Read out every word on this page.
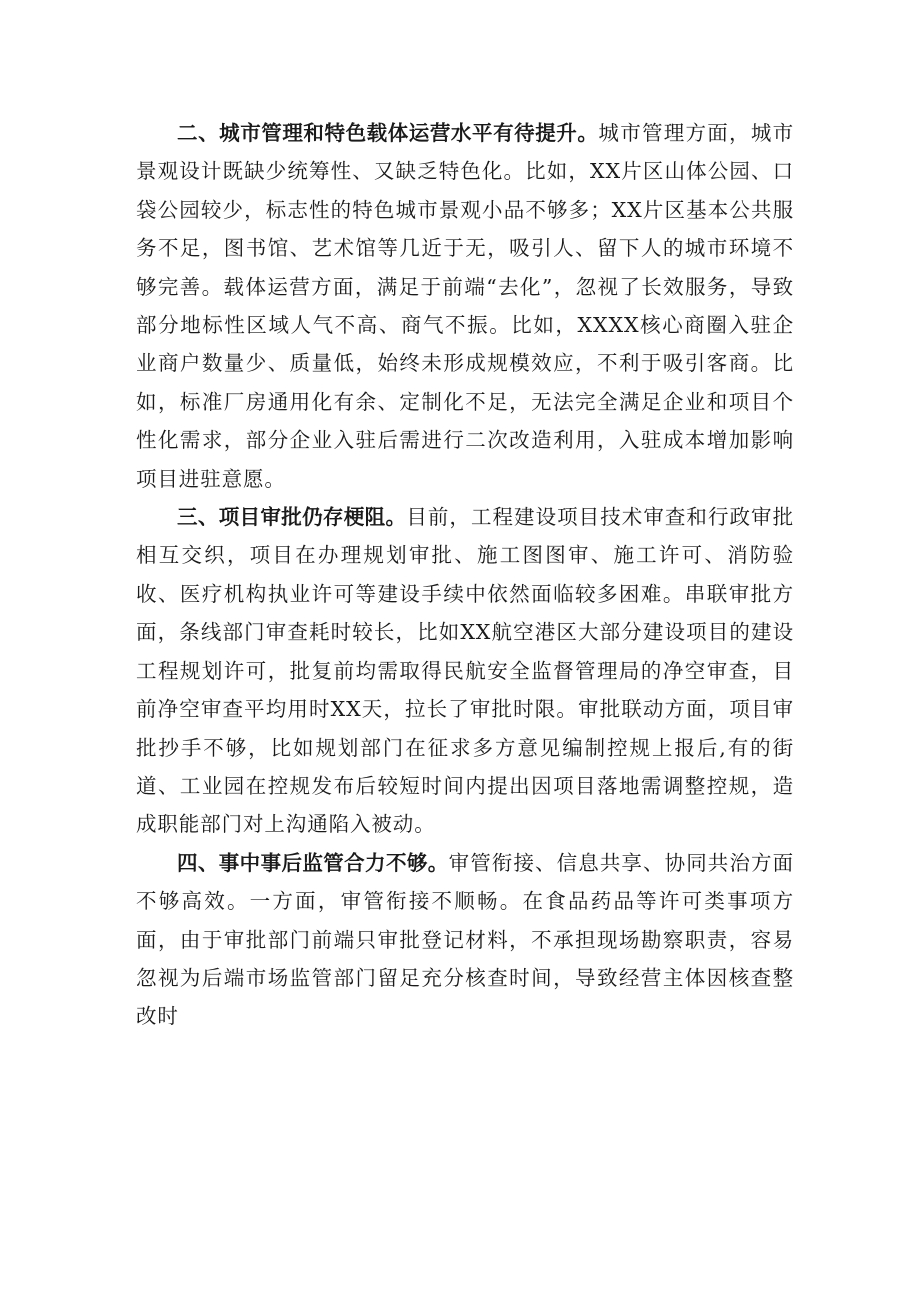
二、城市管理和特色载体运营水平有待提升。城市管理方面，城市景观设计既缺少统筹性、又缺乏特色化。比如，XX片区山体公园、口袋公园较少，标志性的特色城市景观小品不够多；XX片区基本公共服务不足，图书馆、艺术馆等几近于无，吸引人、留下人的城市环境不够完善。载体运营方面，满足于前端“去化”，忽视了长效服务，导致部分地标性区域人气不高、商气不振。比如，XXXX核心商圈入驻企业商户数量少、质量低，始终未形成规模效应，不利于吸引客商。比如，标准厂房通用化有余、定制化不足，无法完全满足企业和项目个性化需求，部分企业入驻后需进行二次改造利用，入驻成本增加影响项目进驻意愿。

三、项目审批仍存梗阻。目前，工程建设项目技术审查和行政审批相互交织，项目在办理规划审批、施工图图审、施工许可、消防验收、医疗机构执业许可等建设手续中依然面临较多困难。串联审批方面，条线部门审查耗时较长，比如XX航空港区大部分建设项目的建设工程规划许可，批复前均需取得民航安全监督管理局的净空审查，目前净空审查平均用时XX天，拉长了审批时限。审批联动方面，项目审批抄手不够，比如规划部门在征求多方意见编制控规上报后,有的街道、工业园在控规发布后较短时间内提出因项目落地需调整控规，造成职能部门对上沟通陷入被动。

四、事中事后监管合力不够。审管衔接、信息共享、协同共治方面不够高效。一方面，审管衔接不顺畅。在食品药品等许可类事项方面，由于审批部门前端只审批登记材料，不承担现场勘察职责，容易忽视为后端市场监管部门留足充分核查时间，导致经营主体因核查整改时
